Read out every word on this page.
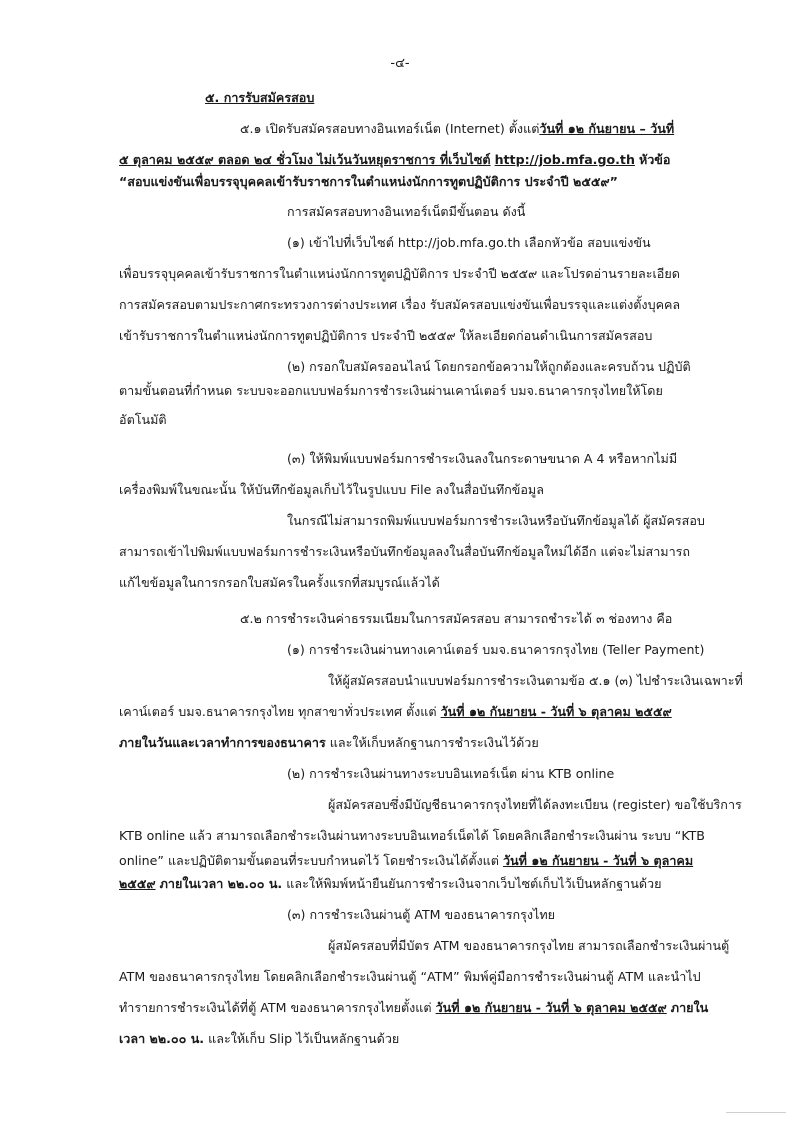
-๔-
๕. การรับสมัครสอบ
๕.๑ เปิดรับสมัครสอบทางอินเทอร์เน็ต (Internet) ตั้งแต่วันที่ ๑๒ กันยายน – วันที่
๕ ตุลาคม ๒๕๕๙ ตลอด ๒๔ ชั่วโมง ไม่เว้นวันหยุดราชการ ที่เว็บไซต์ http://job.mfa.go.th หัวข้อ
“สอบแข่งขันเพื่อบรรจุบุคคลเข้ารับราชการในตำแหน่งนักการทูตปฏิบัติการ ประจำปี ๒๕๕๙”
การสมัครสอบทางอินเทอร์เน็ตมีขั้นตอน ดังนี้
(๑) เข้าไปที่เว็บไซต์ http://job.mfa.go.th เลือกหัวข้อ สอบแข่งขัน
เพื่อบรรจุบุคคลเข้ารับราชการในตำแหน่งนักการทูตปฏิบัติการ ประจำปี ๒๕๕๙ และโปรดอ่านรายละเอียด
การสมัครสอบตามประกาศกระทรวงการต่างประเทศ เรื่อง รับสมัครสอบแข่งขันเพื่อบรรจุและแต่งตั้งบุคคล
เข้ารับราชการในตำแหน่งนักการทูตปฏิบัติการ ประจำปี ๒๕๕๙ ให้ละเอียดก่อนดำเนินการสมัครสอบ
(๒) กรอกใบสมัครออนไลน์ โดยกรอกข้อความให้ถูกต้องและครบถ้วน ปฏิบัติ
ตามขั้นตอนที่กำหนด ระบบจะออกแบบฟอร์มการชำระเงินผ่านเคาน์เตอร์ บมจ.ธนาคารกรุงไทยให้โดย
อัตโนมัติ
(๓) ให้พิมพ์แบบฟอร์มการชำระเงินลงในกระดาษขนาด A 4 หรือหากไม่มี
เครื่องพิมพ์ในขณะนั้น ให้บันทึกข้อมูลเก็บไว้ในรูปแบบ File ลงในสื่อบันทึกข้อมูล
ในกรณีไม่สามารถพิมพ์แบบฟอร์มการชำระเงินหรือบันทึกข้อมูลได้ ผู้สมัครสอบ
สามารถเข้าไปพิมพ์แบบฟอร์มการชำระเงินหรือบันทึกข้อมูลลงในสื่อบันทึกข้อมูลใหม่ได้อีก แต่จะไม่สามารถ
แก้ไขข้อมูลในการกรอกใบสมัครในครั้งแรกที่สมบูรณ์แล้วได้
๕.๒ การชำระเงินค่าธรรมเนียมในการสมัครสอบ สามารถชำระได้ ๓ ช่องทาง คือ
(๑) การชำระเงินผ่านทางเคาน์เตอร์ บมจ.ธนาคารกรุงไทย (Teller Payment)
ให้ผู้สมัครสอบนำแบบฟอร์มการชำระเงินตามข้อ ๕.๑ (๓) ไปชำระเงินเฉพาะที่
เคาน์เตอร์ บมจ.ธนาคารกรุงไทย ทุกสาขาทั่วประเทศ ตั้งแต่ วันที่ ๑๒ กันยายน - วันที่ ๖ ตุลาคม ๒๕๕๙
ภายในวันและเวลาทำการของธนาคาร และให้เก็บหลักฐานการชำระเงินไว้ด้วย
(๒) การชำระเงินผ่านทางระบบอินเทอร์เน็ต ผ่าน KTB online
ผู้สมัครสอบซึ่งมีบัญชีธนาคารกรุงไทยที่ได้ลงทะเบียน (register) ขอใช้บริการ
KTB online แล้ว สามารถเลือกชำระเงินผ่านทางระบบอินเทอร์เน็ตได้ โดยคลิกเลือกชำระเงินผ่าน ระบบ “KTB
online” และปฏิบัติตามขั้นตอนที่ระบบกำหนดไว้ โดยชำระเงินได้ตั้งแต่ วันที่ ๑๒ กันยายน - วันที่ ๖ ตุลาคม
๒๕๕๙ ภายในเวลา ๒๒.๐๐ น. และให้พิมพ์หน้ายืนยันการชำระเงินจากเว็บไซต์เก็บไว้เป็นหลักฐานด้วย
(๓) การชำระเงินผ่านตู้ ATM ของธนาคารกรุงไทย
ผู้สมัครสอบที่มีบัตร ATM ของธนาคารกรุงไทย สามารถเลือกชำระเงินผ่านตู้
ATM ของธนาคารกรุงไทย โดยคลิกเลือกชำระเงินผ่านตู้ “ATM” พิมพ์คู่มือการชำระเงินผ่านตู้ ATM และนำไป
ทำรายการชำระเงินได้ที่ตู้ ATM ของธนาคารกรุงไทยตั้งแต่ วันที่ ๑๒ กันยายน - วันที่ ๖ ตุลาคม ๒๕๕๙ ภายใน
เวลา ๒๒.๐๐ น. และให้เก็บ Slip ไว้เป็นหลักฐานด้วย
